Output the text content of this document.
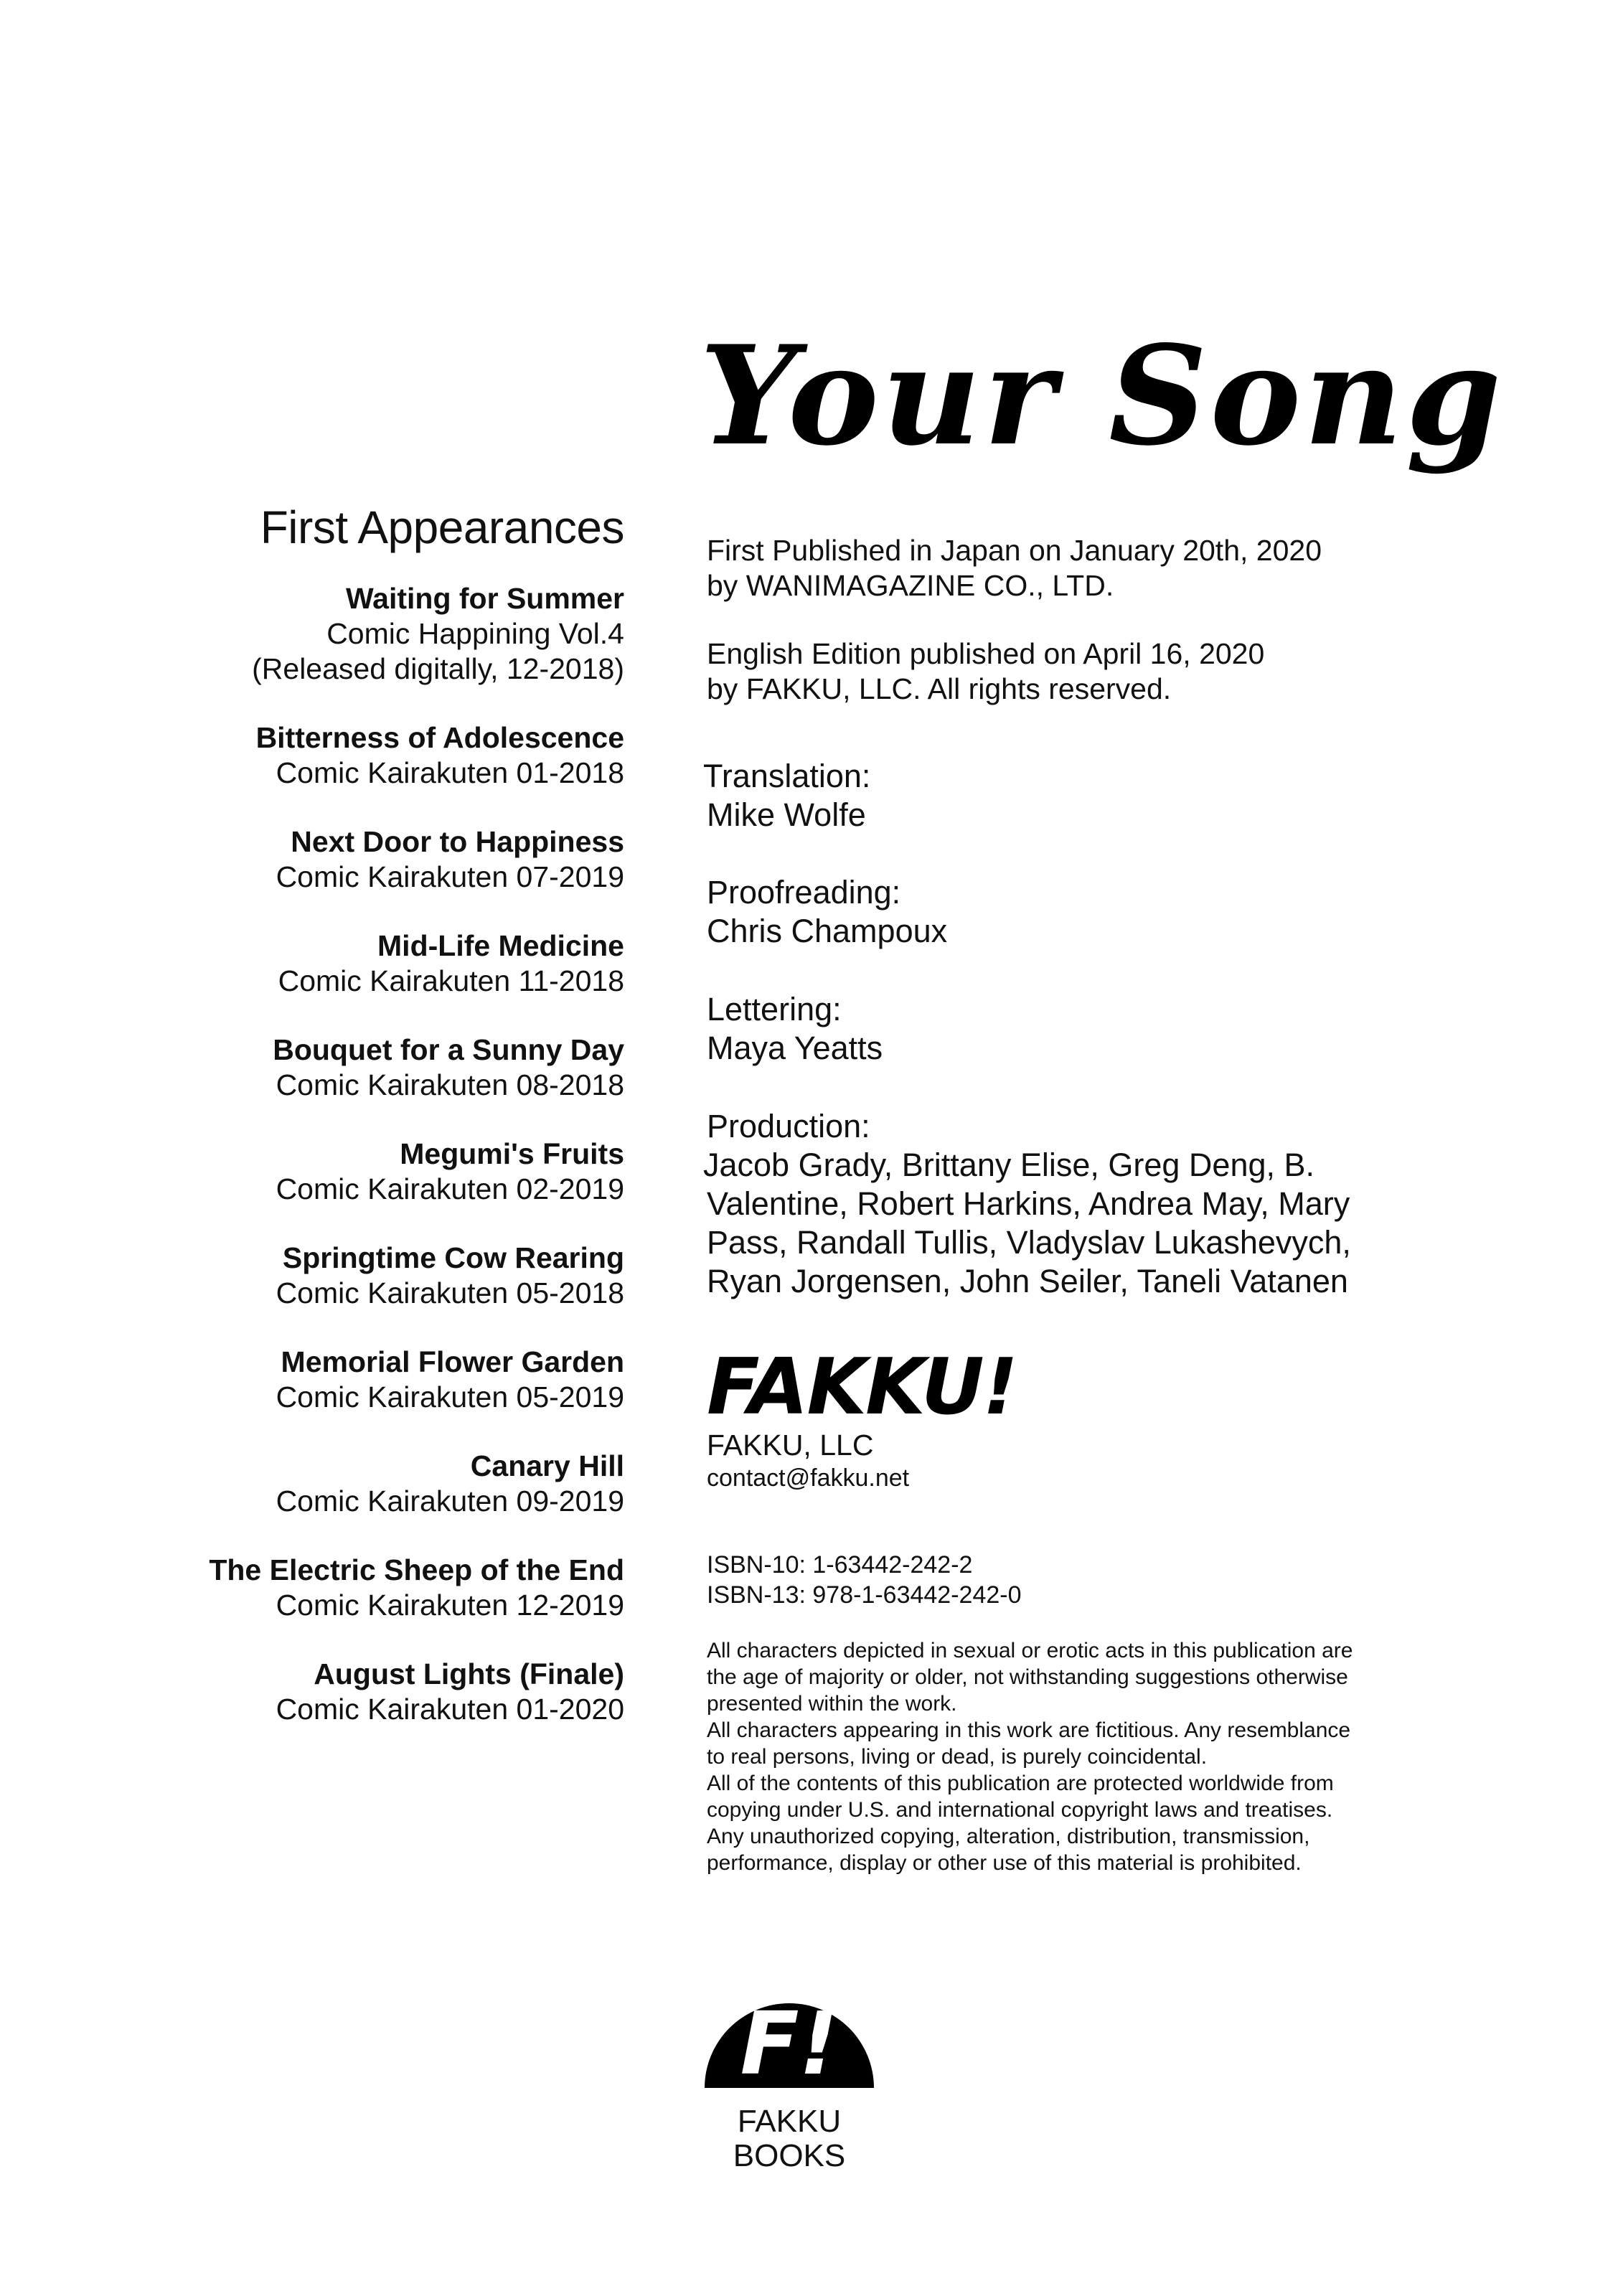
Your Song
First Appearances
Waiting for Summer
Comic Happining Vol.4
(Released digitally, 12-2018)
Bitterness of Adolescence
Comic Kairakuten 01-2018
Next Door to Happiness
Comic Kairakuten 07-2019
Mid-Life Medicine
Comic Kairakuten 11-2018
Bouquet for a Sunny Day
Comic Kairakuten 08-2018
Megumi's Fruits
Comic Kairakuten 02-2019
Springtime Cow Rearing
Comic Kairakuten 05-2018
Memorial Flower Garden
Comic Kairakuten 05-2019
Canary Hill
Comic Kairakuten 09-2019
The Electric Sheep of the End
Comic Kairakuten 12-2019
August Lights (Finale)
Comic Kairakuten 01-2020
First Published in Japan on January 20th, 2020
by WANIMAGAZINE CO., LTD.
English Edition published on April 16, 2020
by FAKKU, LLC. All rights reserved.
Translation:
Mike Wolfe
Proofreading:
Chris Champoux
Lettering:
Maya Yeatts
Production:
Jacob Grady, Brittany Elise, Greg Deng, B.
Valentine, Robert Harkins, Andrea May, Mary
Pass, Randall Tullis, Vladyslav Lukashevych,
Ryan Jorgensen, John Seiler, Taneli Vatanen
FAKKU!
FAKKU, LLC
contact@fakku.net
ISBN-10: 1-63442-242-2
ISBN-13: 978-1-63442-242-0
All characters depicted in sexual or erotic acts in this publication are
the age of majority or older, not withstanding suggestions otherwise
presented within the work.
All characters appearing in this work are fictitious. Any resemblance
to real persons, living or dead, is purely coincidental.
All of the contents of this publication are protected worldwide from
copying under U.S. and international copyright laws and treatises.
Any unauthorized copying, alteration, distribution, transmission,
performance, display or other use of this material is prohibited.
F!
FAKKU
BOOKS
